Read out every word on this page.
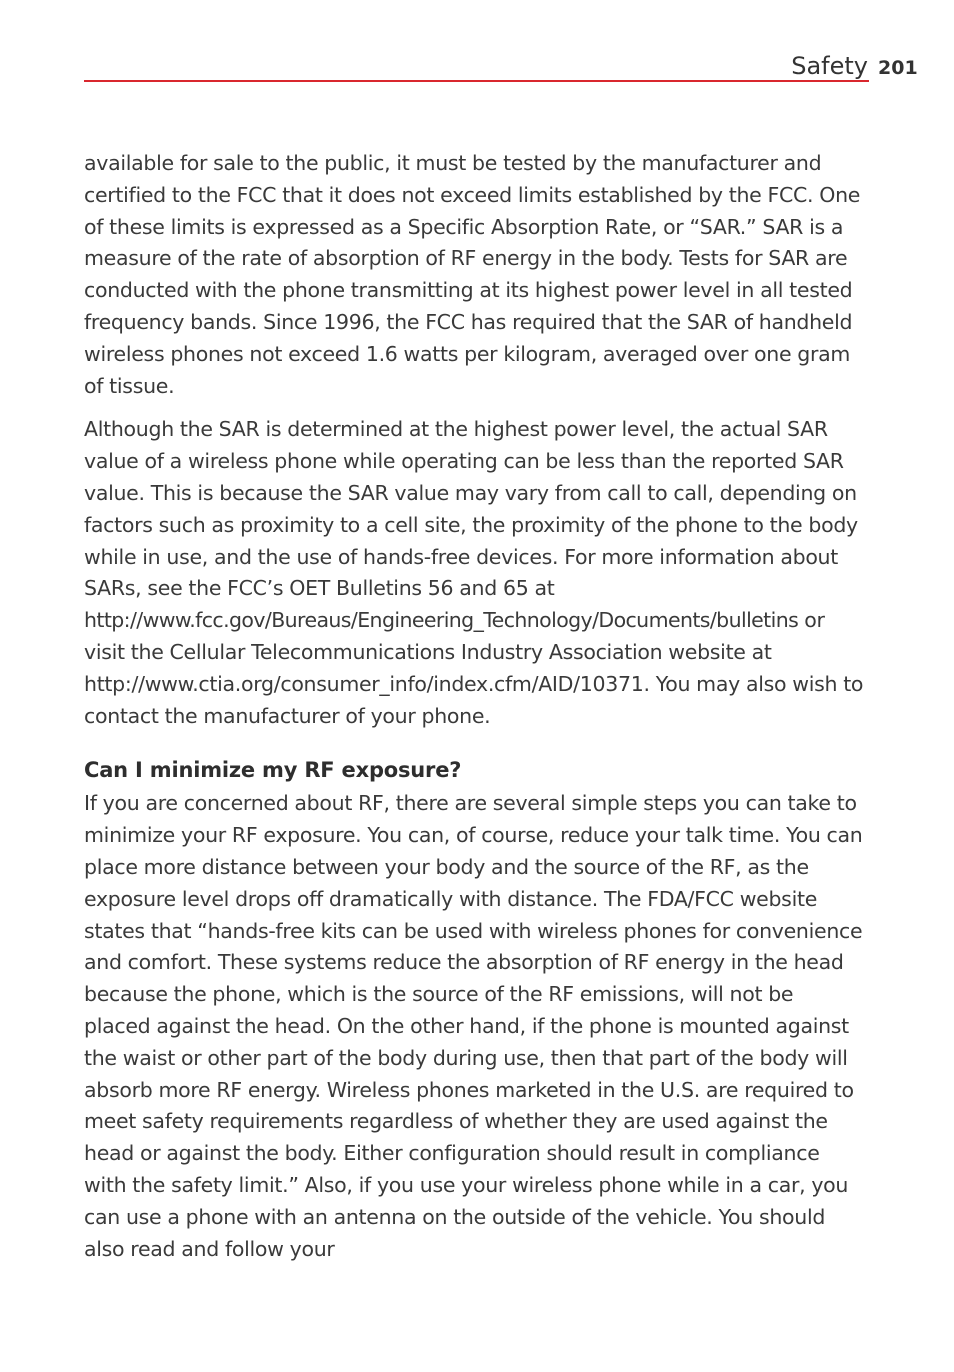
Safety 201

available for sale to the public, it must be tested by the manufacturer and certified to the FCC that it does not exceed limits established by the FCC. One of these limits is expressed as a Specific Absorption Rate, or “SAR.” SAR is a measure of the rate of absorption of RF energy in the body. Tests for SAR are conducted with the phone transmitting at its highest power level in all tested frequency bands. Since 1996, the FCC has required that the SAR of handheld wireless phones not exceed 1.6 watts per kilogram, averaged over one gram of tissue.

Although the SAR is determined at the highest power level, the actual SAR value of a wireless phone while operating can be less than the reported SAR value. This is because the SAR value may vary from call to call, depending on factors such as proximity to a cell site, the proximity of the phone to the body while in use, and the use of hands-free devices. For more information about SARs, see the FCC’s OET Bulletins 56 and 65 at http://www.fcc.gov/Bureaus/Engineering_Technology/Documents/bulletins or visit the Cellular Telecommunications Industry Association website at http://www.ctia.org/consumer_info/index.cfm/AID/10371. You may also wish to contact the manufacturer of your phone.

Can I minimize my RF exposure?

If you are concerned about RF, there are several simple steps you can take to minimize your RF exposure. You can, of course, reduce your talk time. You can place more distance between your body and the source of the RF, as the exposure level drops off dramatically with distance. The FDA/FCC website states that “hands-free kits can be used with wireless phones for convenience and comfort. These systems reduce the absorption of RF energy in the head because the phone, which is the source of the RF emissions, will not be placed against the head. On the other hand, if the phone is mounted against the waist or other part of the body during use, then that part of the body will absorb more RF energy. Wireless phones marketed in the U.S. are required to meet safety requirements regardless of whether they are used against the head or against the body. Either configuration should result in compliance with the safety limit.” Also, if you use your wireless phone while in a car, you can use a phone with an antenna on the outside of the vehicle. You should also read and follow your
